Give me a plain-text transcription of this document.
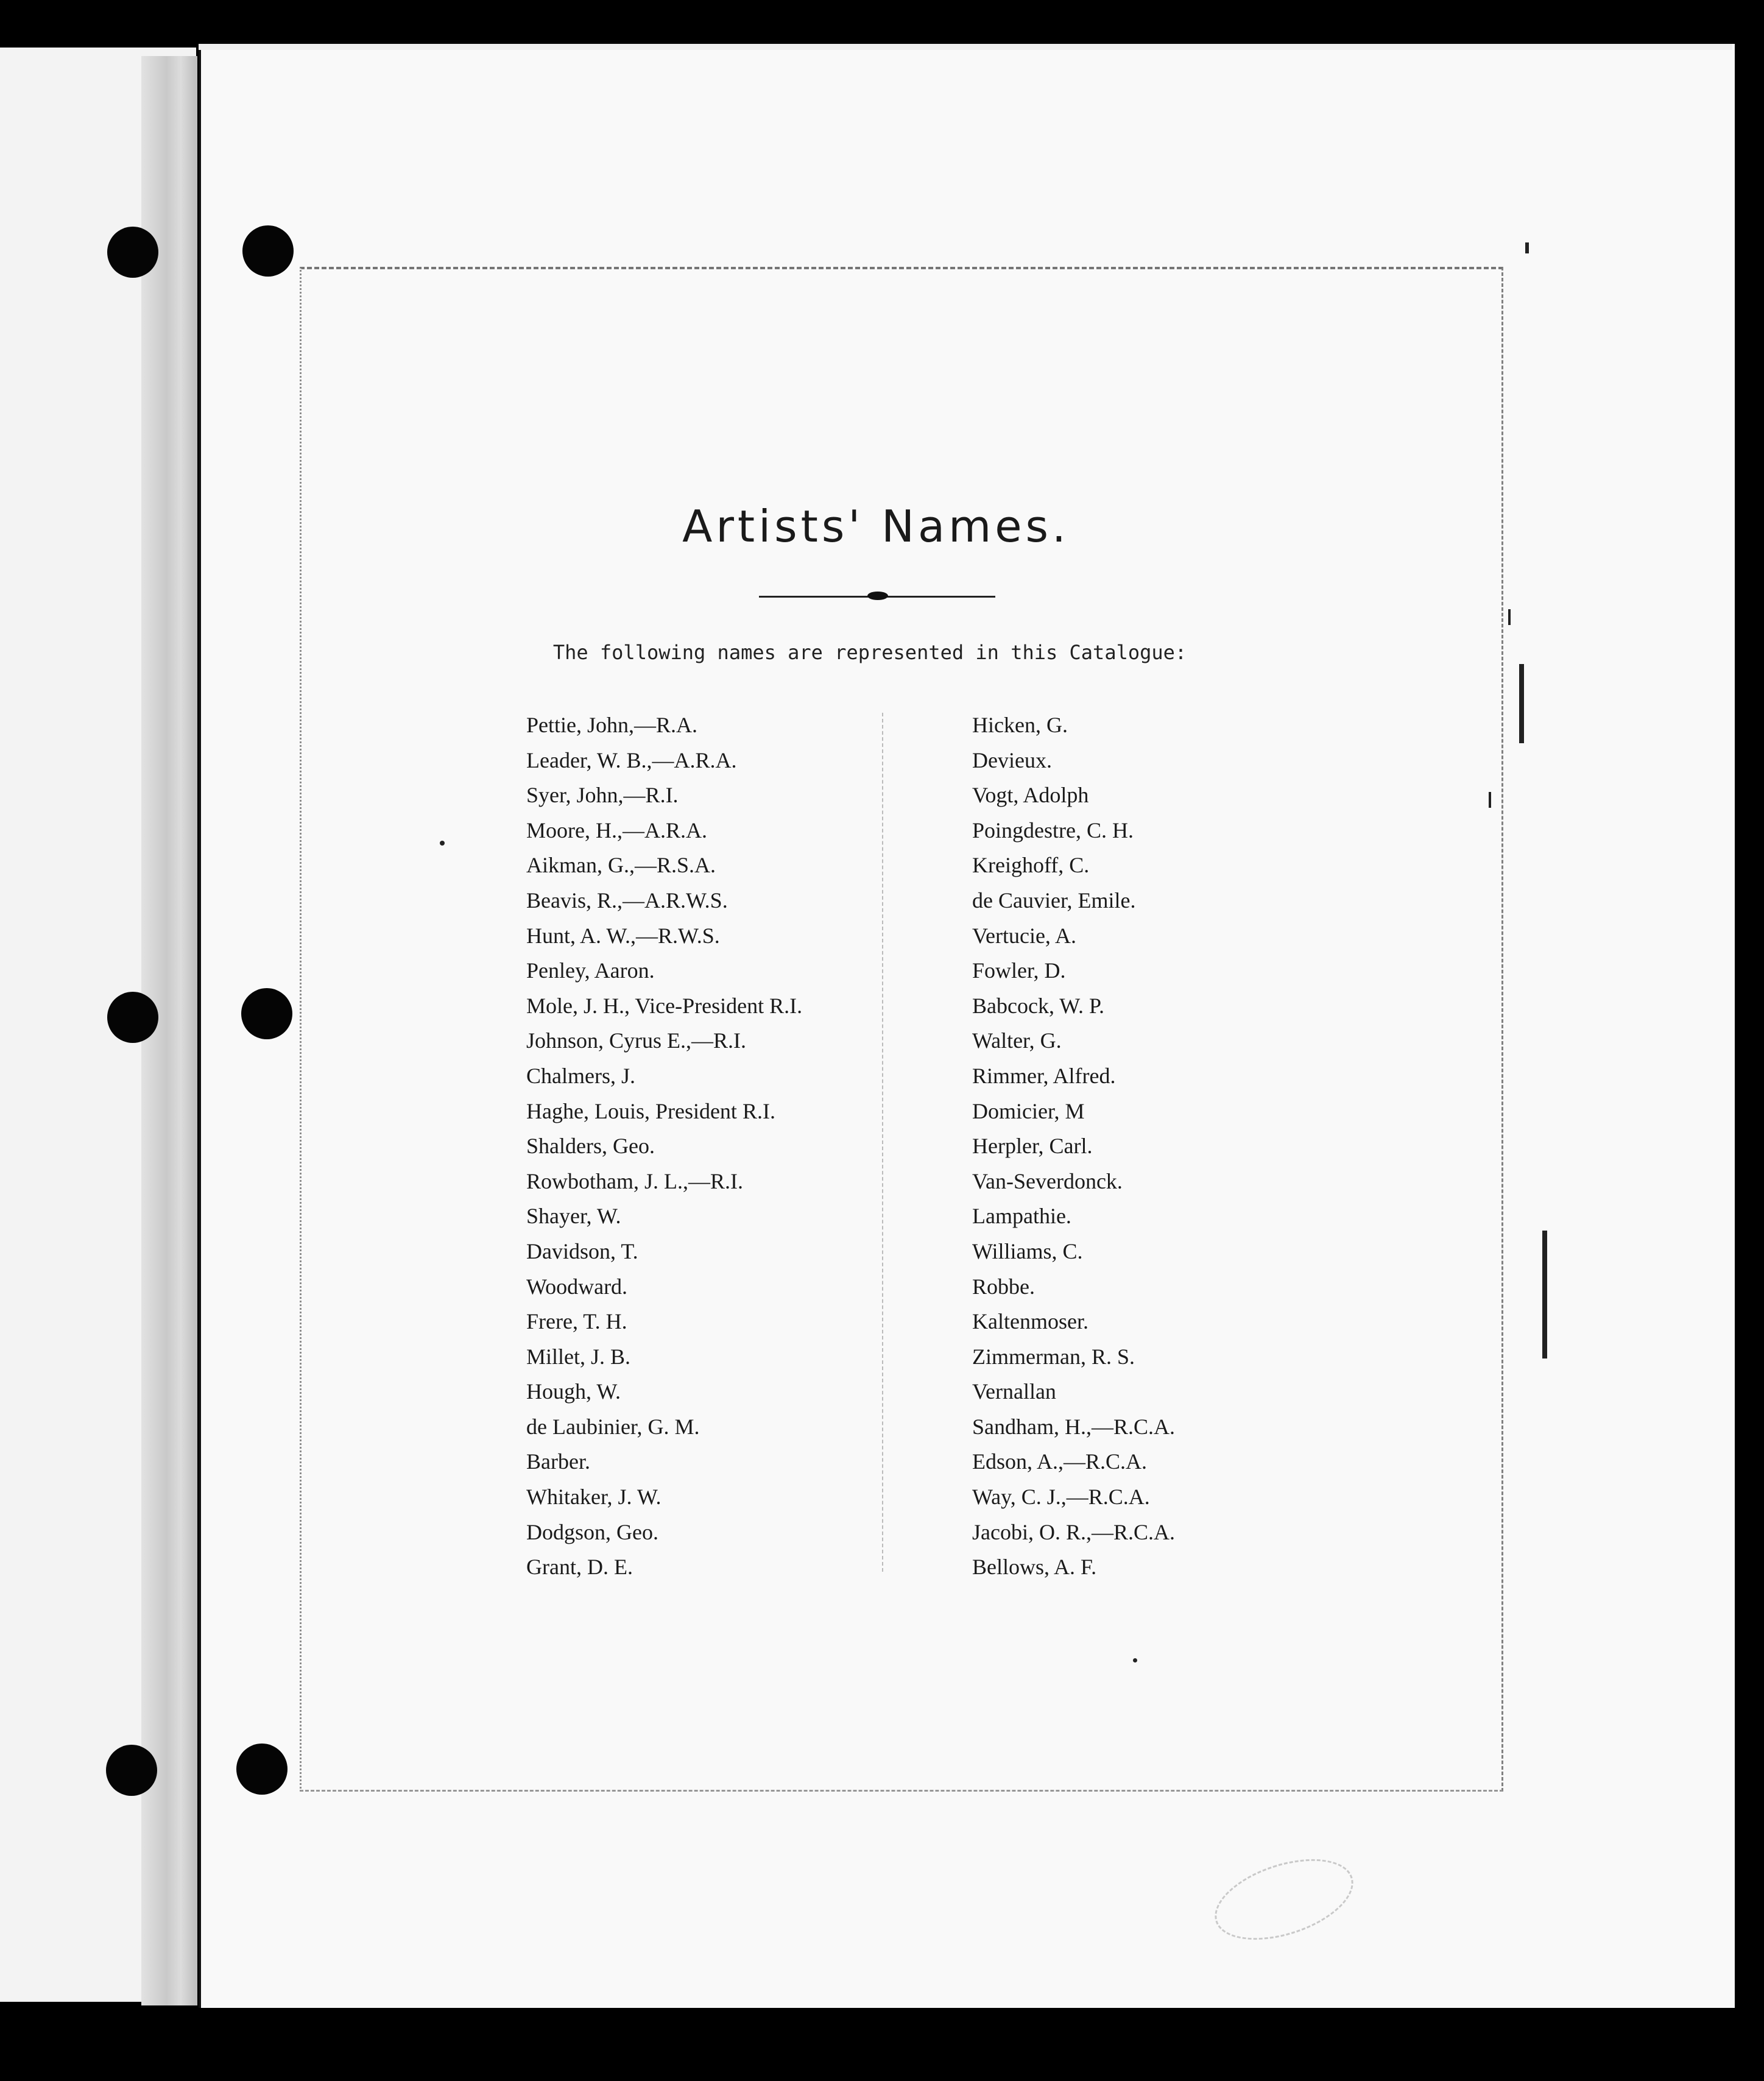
Artists' Names.
The following names are represented in this Catalogue:
Pettie, John,—R.A.
Leader, W. B.,—A.R.A.
Syer, John,—R.I.
Moore, H.,—A.R.A.
Aikman, G.,—R.S.A.
Beavis, R.,—A.R.W.S.
Hunt, A. W.,—R.W.S.
Penley, Aaron.
Mole, J. H., Vice-President R.I.
Johnson, Cyrus E.,—R.I.
Chalmers, J.
Haghe, Louis, President R.I.
Shalders, Geo.
Rowbotham, J. L.,—R.I.
Shayer, W.
Davidson, T.
Woodward.
Frere, T. H.
Millet, J. B.
Hough, W.
de Laubinier, G. M.
Barber.
Whitaker, J. W.
Dodgson, Geo.
Grant, D. E.
Hicken, G.
Devieux.
Vogt, Adolph
Poingdestre, C. H.
Kreighoff, C.
de Cauvier, Emile.
Vertucie, A.
Fowler, D.
Babcock, W. P.
Walter, G.
Rimmer, Alfred.
Domicier, M
Herpler, Carl.
Van-Severdonck.
Lampathie.
Williams, C.
Robbe.
Kaltenmoser.
Zimmerman, R. S.
Vernallan
Sandham, H.,—R.C.A.
Edson, A.,—R.C.A.
Way, C. J.,—R.C.A.
Jacobi, O. R.,—R.C.A.
Bellows, A. F.
